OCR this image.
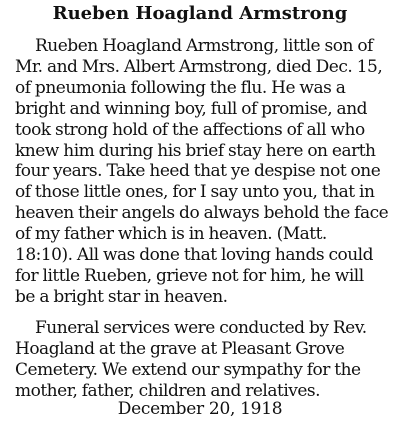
Rueben Hoagland Armstrong
Rueben Hoagland Armstrong, little son of
Mr. and Mrs. Albert Armstrong, died Dec. 15,
of pneumonia following the flu. He was a
bright and winning boy, full of promise, and
took strong hold of the affections of all who
knew him during his brief stay here on earth
four years. Take heed that ye despise not one
of those little ones, for I say unto you, that in
heaven their angels do always behold the face
of my father which is in heaven. (Matt.
18:10). All was done that loving hands could
for little Rueben, grieve not for him, he will
be a bright star in heaven.
Funeral services were conducted by Rev.
Hoagland at the grave at Pleasant Grove
Cemetery. We extend our sympathy for the
mother, father, children and relatives.
December 20, 1918
